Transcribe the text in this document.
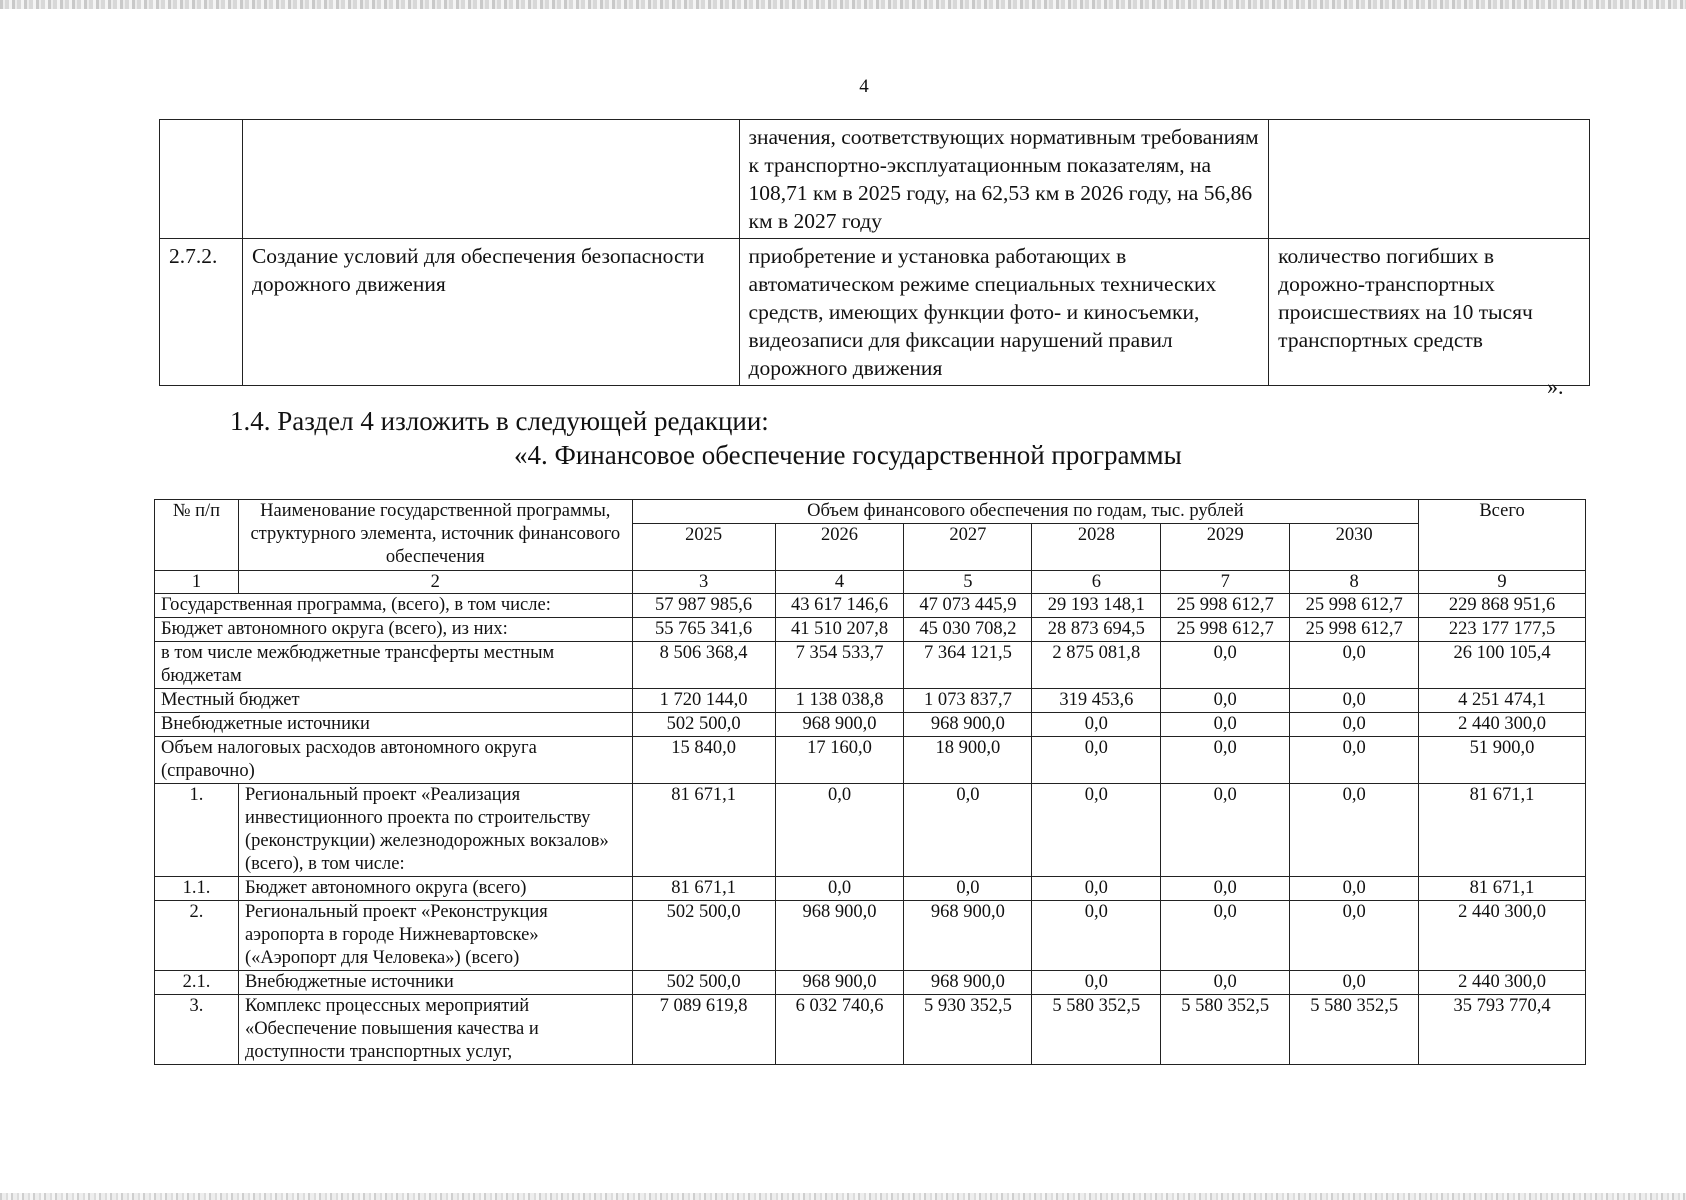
4
		значения, соответствующих нормативным требованиям к транспортно-эксплуатационным показателям, на 108,71 км в 2025 году, на 62,53 км в 2026 году, на 56,86 км в 2027 году	
2.7.2.	Создание условий для обеспечения безопасности дорожного движения	приобретение и установка работающих в автоматическом режиме специальных технических средств, имеющих функции фото- и киносъемки, видеозаписи для фиксации нарушений правил дорожного движения	количество погибших в дорожно-транспортных происшествиях на 10 тысяч транспортных средств
».
1.4. Раздел 4 изложить в следующей редакции:
«4. Финансовое обеспечение государственной программы
№ п/п	Наименование государственной программы, структурного элемента, источник финансового обеспечения	Объем финансового обеспечения по годам, тыс. рублей						Всего
		2025	2026	2027	2028	2029	2030	
1	2	3	4	5	6	7	8	9
Государственная программа, (всего), в том числе:		57 987 985,6	43 617 146,6	47 073 445,9	29 193 148,1	25 998 612,7	25 998 612,7	229 868 951,6
Бюджет автономного округа (всего), из них:		55 765 341,6	41 510 207,8	45 030 708,2	28 873 694,5	25 998 612,7	25 998 612,7	223 177 177,5
в том числе межбюджетные трансферты местным бюджетам		8 506 368,4	7 354 533,7	7 364 121,5	2 875 081,8	0,0	0,0	26 100 105,4
Местный бюджет		1 720 144,0	1 138 038,8	1 073 837,7	319 453,6	0,0	0,0	4 251 474,1
Внебюджетные источники		502 500,0	968 900,0	968 900,0	0,0	0,0	0,0	2 440 300,0
Объем налоговых расходов автономного округа (справочно)		15 840,0	17 160,0	18 900,0	0,0	0,0	0,0	51 900,0
1.	Региональный проект «Реализация инвестиционного проекта по строительству (реконструкции) железнодорожных вокзалов» (всего), в том числе:	81 671,1	0,0	0,0	0,0	0,0	0,0	81 671,1
1.1.	Бюджет автономного округа (всего)	81 671,1	0,0	0,0	0,0	0,0	0,0	81 671,1
2.	Региональный проект «Реконструкция аэропорта в городе Нижневартовске» («Аэропорт для Человека») (всего)	502 500,0	968 900,0	968 900,0	0,0	0,0	0,0	2 440 300,0
2.1.	Внебюджетные источники	502 500,0	968 900,0	968 900,0	0,0	0,0	0,0	2 440 300,0
3.	Комплекс процессных мероприятий «Обеспечение повышения качества и доступности транспортных услуг,	7 089 619,8	6 032 740,6	5 930 352,5	5 580 352,5	5 580 352,5	5 580 352,5	35 793 770,4
